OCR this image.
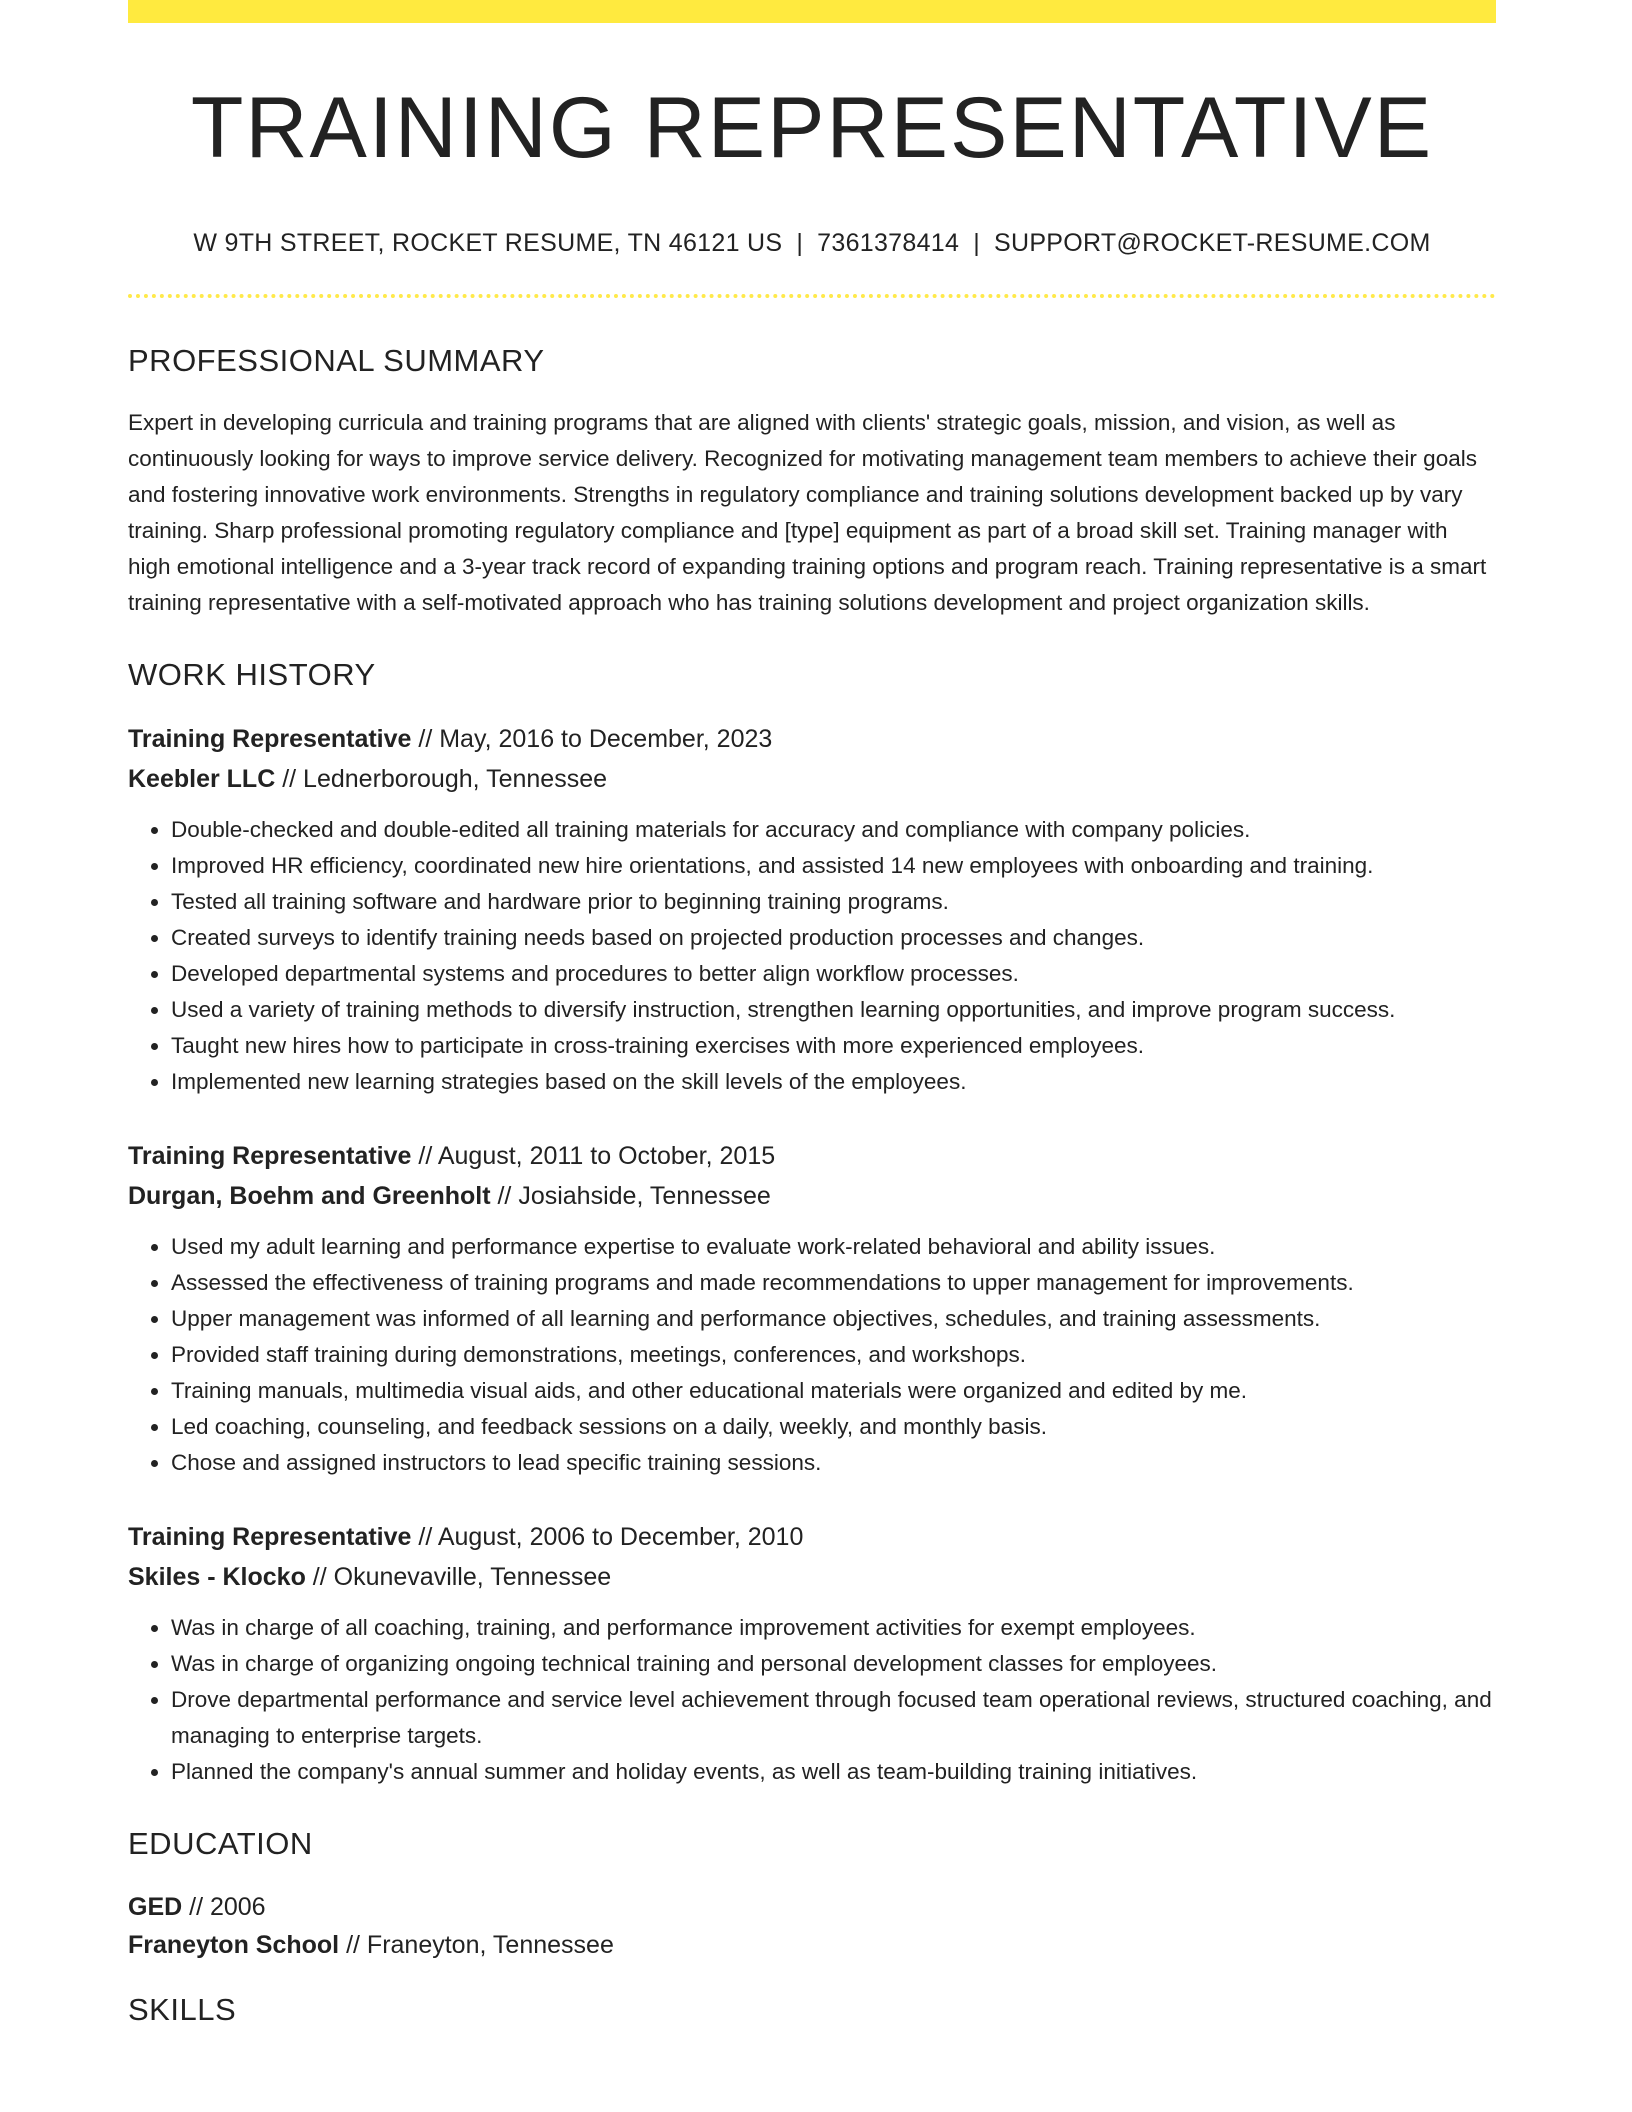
TRAINING REPRESENTATIVE
W 9TH STREET, ROCKET RESUME, TN 46121 US | 7361378414 | SUPPORT@ROCKET-RESUME.COM
PROFESSIONAL SUMMARY

Expert in developing curricula and training programs that are aligned with clients' strategic goals, mission, and vision, as well as continuously looking for ways to improve service delivery. Recognized for motivating management team members to achieve their goals and fostering innovative work environments. Strengths in regulatory compliance and training solutions development backed up by vary training. Sharp professional promoting regulatory compliance and [type] equipment as part of a broad skill set. Training manager with high emotional intelligence and a 3-year track record of expanding training options and program reach. Training representative is a smart training representative with a self-motivated approach who has training solutions development and project organization skills.

WORK HISTORY
Training Representative // May, 2016 to December, 2023
Keebler LLC // Lednerborough, Tennessee
• Double-checked and double-edited all training materials for accuracy and compliance with company policies.
• Improved HR efficiency, coordinated new hire orientations, and assisted 14 new employees with onboarding and training.
• Tested all training software and hardware prior to beginning training programs.
• Created surveys to identify training needs based on projected production processes and changes.
• Developed departmental systems and procedures to better align workflow processes.
• Used a variety of training methods to diversify instruction, strengthen learning opportunities, and improve program success.
• Taught new hires how to participate in cross-training exercises with more experienced employees.
• Implemented new learning strategies based on the skill levels of the employees.
Training Representative // August, 2011 to October, 2015
Durgan, Boehm and Greenholt // Josiahside, Tennessee
• Used my adult learning and performance expertise to evaluate work-related behavioral and ability issues.
• Assessed the effectiveness of training programs and made recommendations to upper management for improvements.
• Upper management was informed of all learning and performance objectives, schedules, and training assessments.
• Provided staff training during demonstrations, meetings, conferences, and workshops.
• Training manuals, multimedia visual aids, and other educational materials were organized and edited by me.
• Led coaching, counseling, and feedback sessions on a daily, weekly, and monthly basis.
• Chose and assigned instructors to lead specific training sessions.
Training Representative // August, 2006 to December, 2010
Skiles - Klocko // Okunevaville, Tennessee
• Was in charge of all coaching, training, and performance improvement activities for exempt employees.
• Was in charge of organizing ongoing technical training and personal development classes for employees.
• Drove departmental performance and service level achievement through focused team operational reviews, structured coaching, and managing to enterprise targets.
• Planned the company's annual summer and holiday events, as well as team-building training initiatives.
EDUCATION
GED // 2006
Franeyton School // Franeyton, Tennessee
SKILLS
